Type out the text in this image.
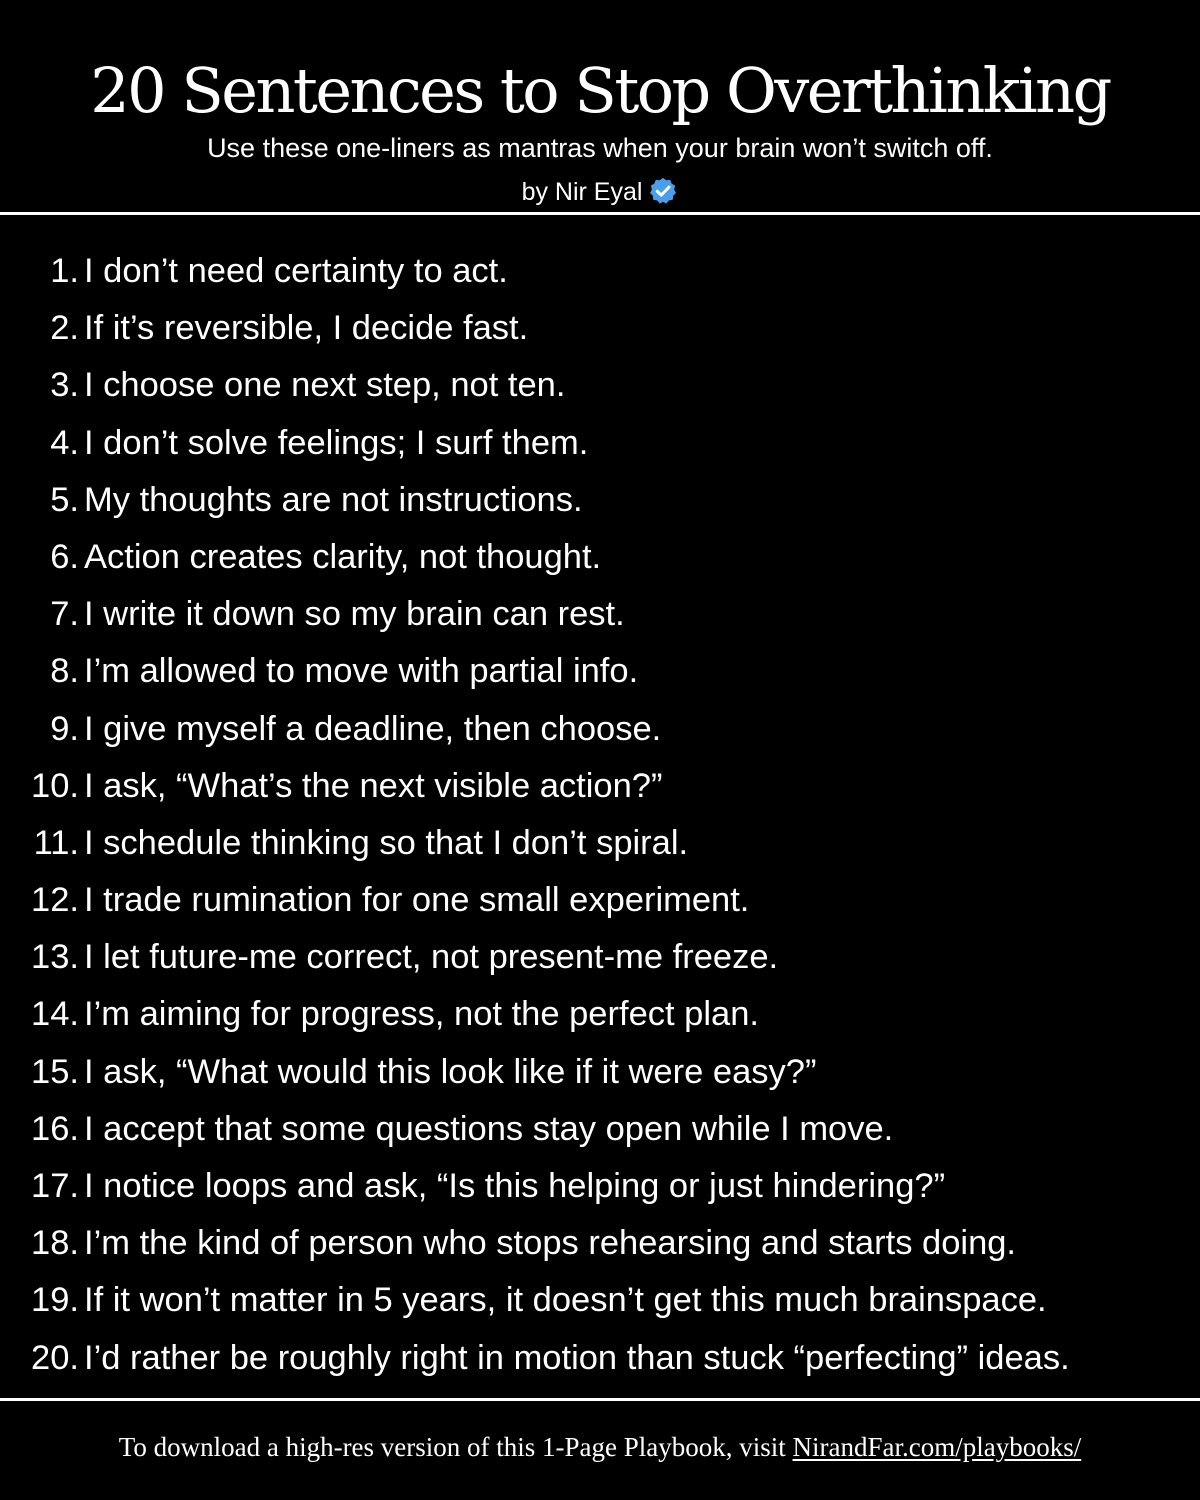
20 Sentences to Stop Overthinking
Use these one-liners as mantras when your brain won’t switch off.
by Nir Eyal
1. I don’t need certainty to act.
2. If it’s reversible, I decide fast.
3. I choose one next step, not ten.
4. I don’t solve feelings; I surf them.
5. My thoughts are not instructions.
6. Action creates clarity, not thought.
7. I write it down so my brain can rest.
8. I’m allowed to move with partial info.
9. I give myself a deadline, then choose.
10. I ask, “What’s the next visible action?”
11. I schedule thinking so that I don’t spiral.
12. I trade rumination for one small experiment.
13. I let future-me correct, not present-me freeze.
14. I’m aiming for progress, not the perfect plan.
15. I ask, “What would this look like if it were easy?”
16. I accept that some questions stay open while I move.
17. I notice loops and ask, “Is this helping or just hindering?”
18. I’m the kind of person who stops rehearsing and starts doing.
19. If it won’t matter in 5 years, it doesn’t get this much brainspace.
20. I’d rather be roughly right in motion than stuck “perfecting” ideas.
To download a high-res version of this 1-Page Playbook, visit NirandFar.com/playbooks/
